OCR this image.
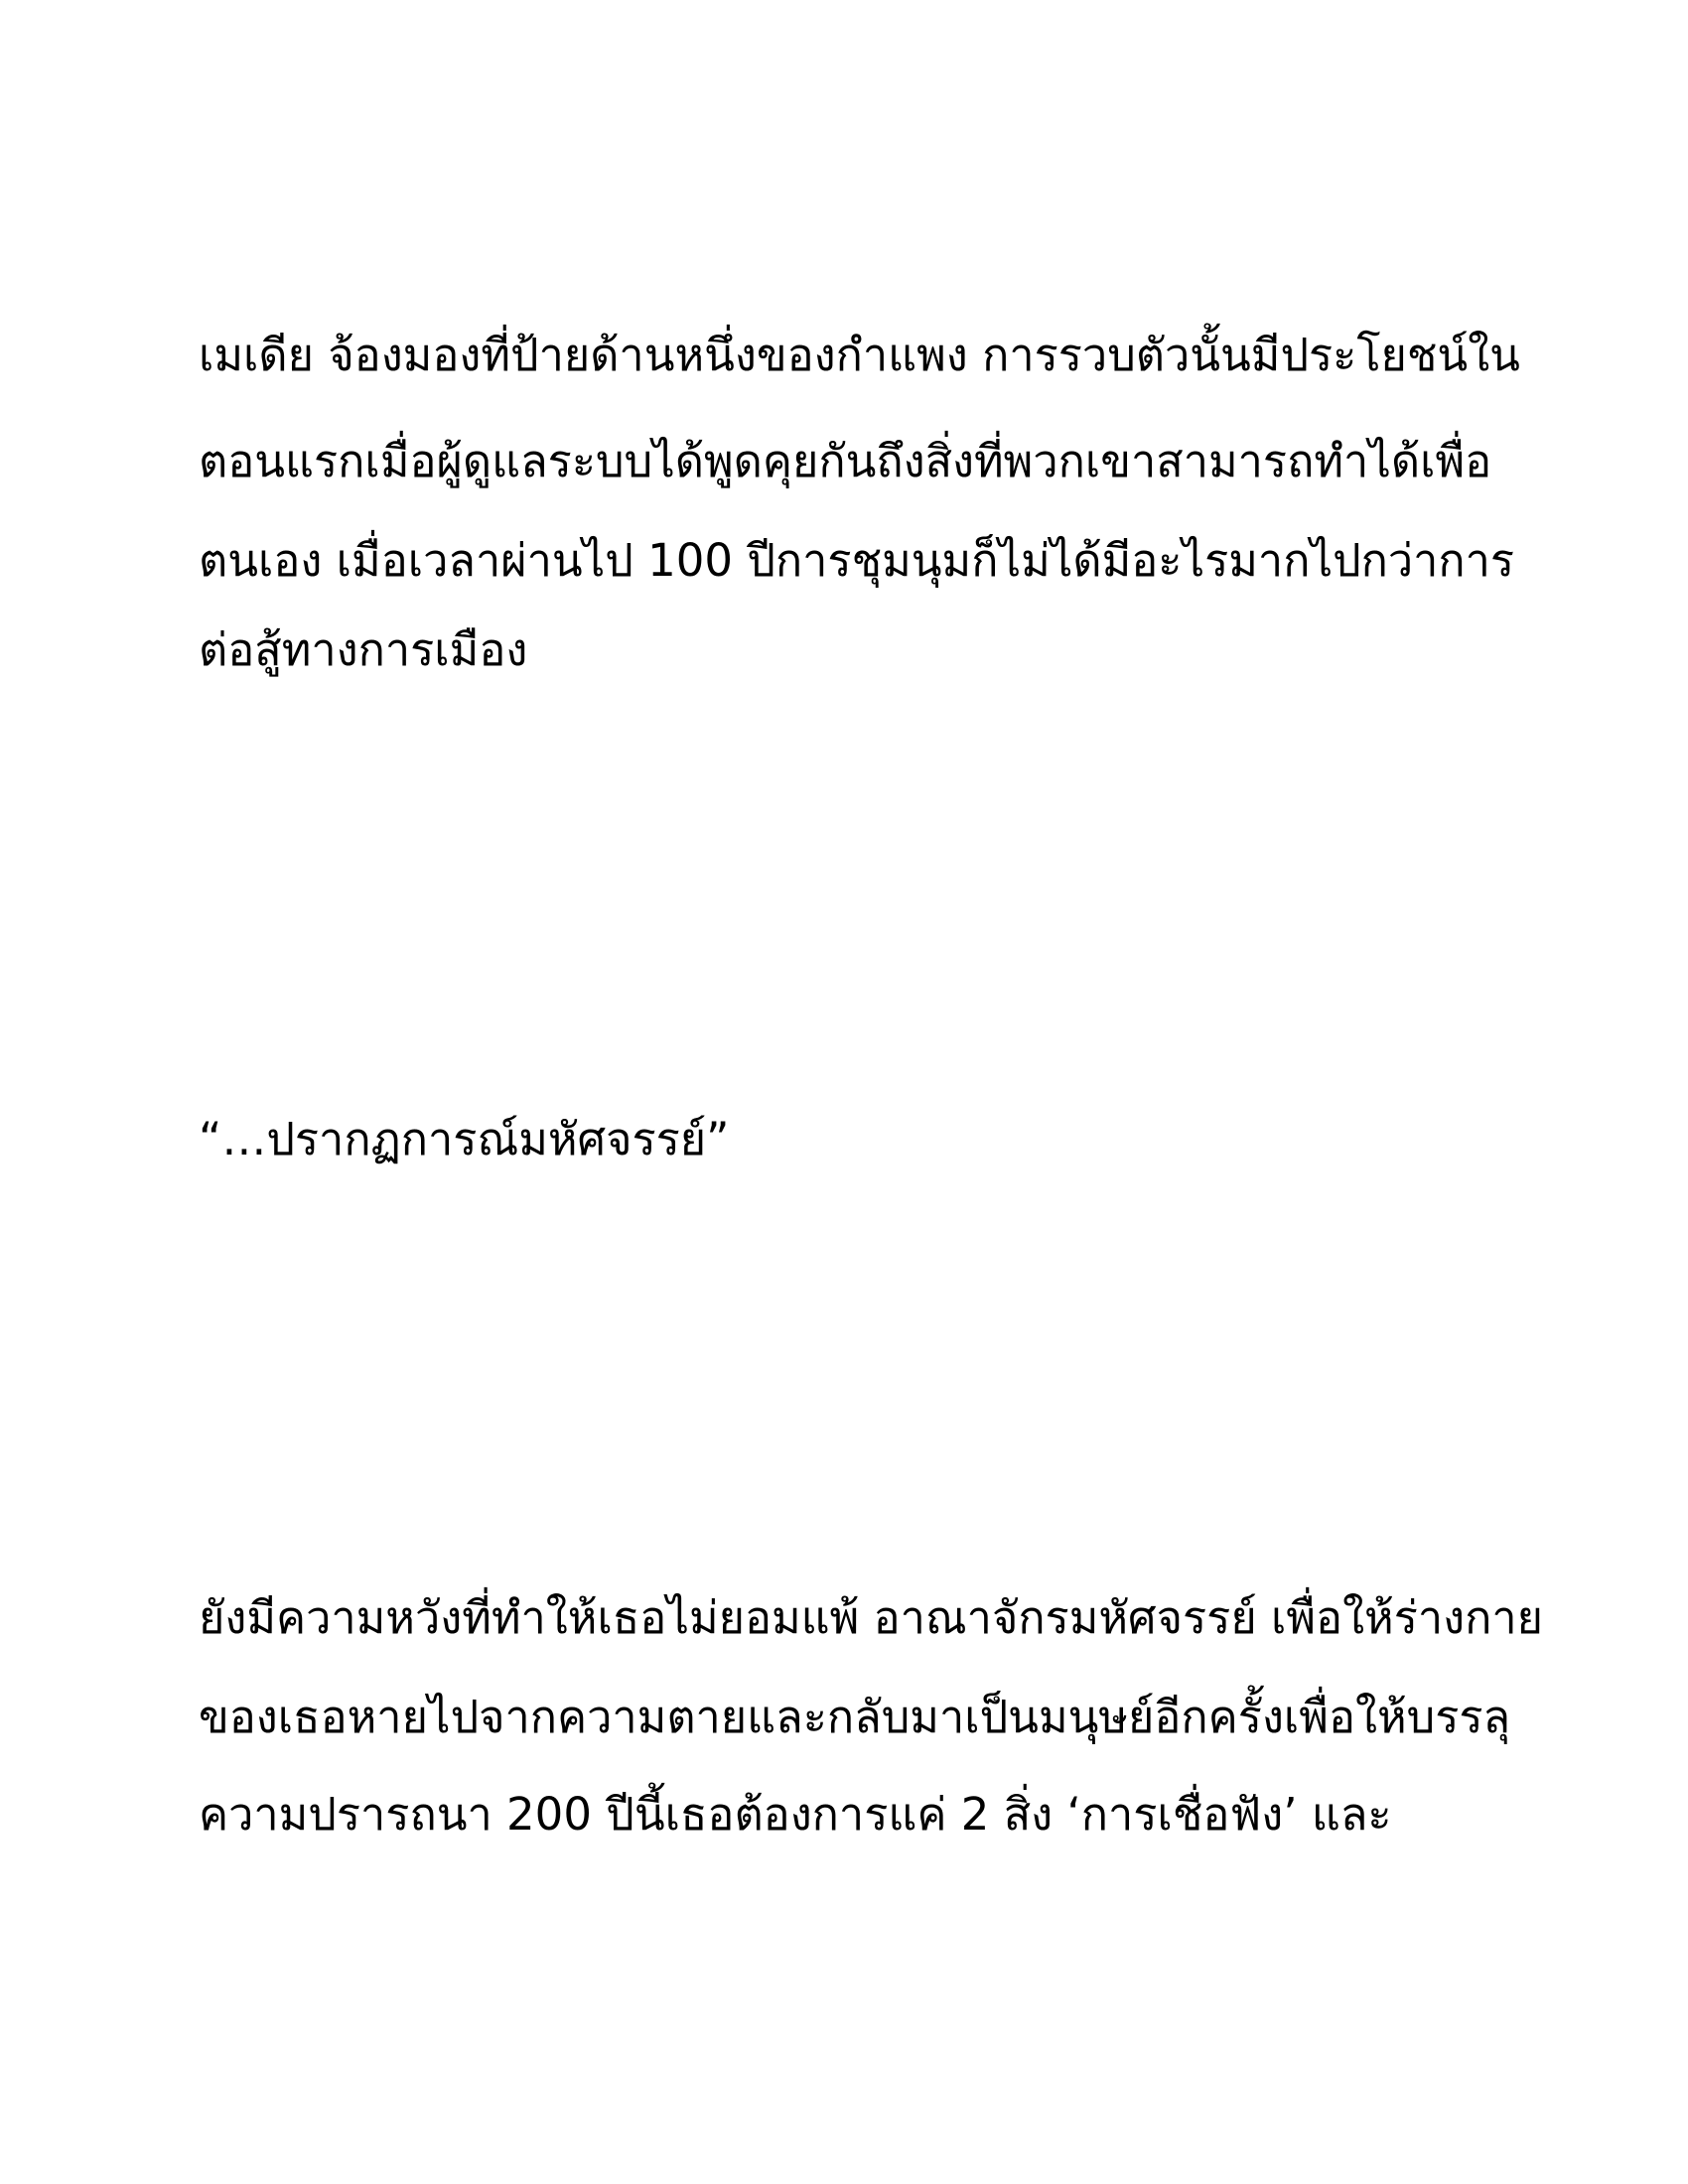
เมเดีย จ้องมองที่ป้ายด้านหนึ่งของกำแพง การรวบตัวนั้นมีประโยชน์ใน

ตอนแรกเมื่อผู้ดูแลระบบได้พูดคุยกันถึงสิ่งที่พวกเขาสามารถทำได้เพื่อ

ตนเอง เมื่อเวลาผ่านไป 100 ปีการชุมนุมก็ไม่ได้มีอะไรมากไปกว่าการ

ต่อสู้ทางการเมือง

“…ปรากฏการณ์มหัศจรรย์”

ยังมีความหวังที่ทำให้เธอไม่ยอมแพ้ อาณาจักรมหัศจรรย์ เพื่อให้ร่างกาย

ของเธอหายไปจากความตายและกลับมาเป็นมนุษย์อีกครั้งเพื่อให้บรรลุ

ความปรารถนา 200 ปีนี้เธอต้องการแค่ 2 สิ่ง ‘การเชื่อฟัง’ และ
